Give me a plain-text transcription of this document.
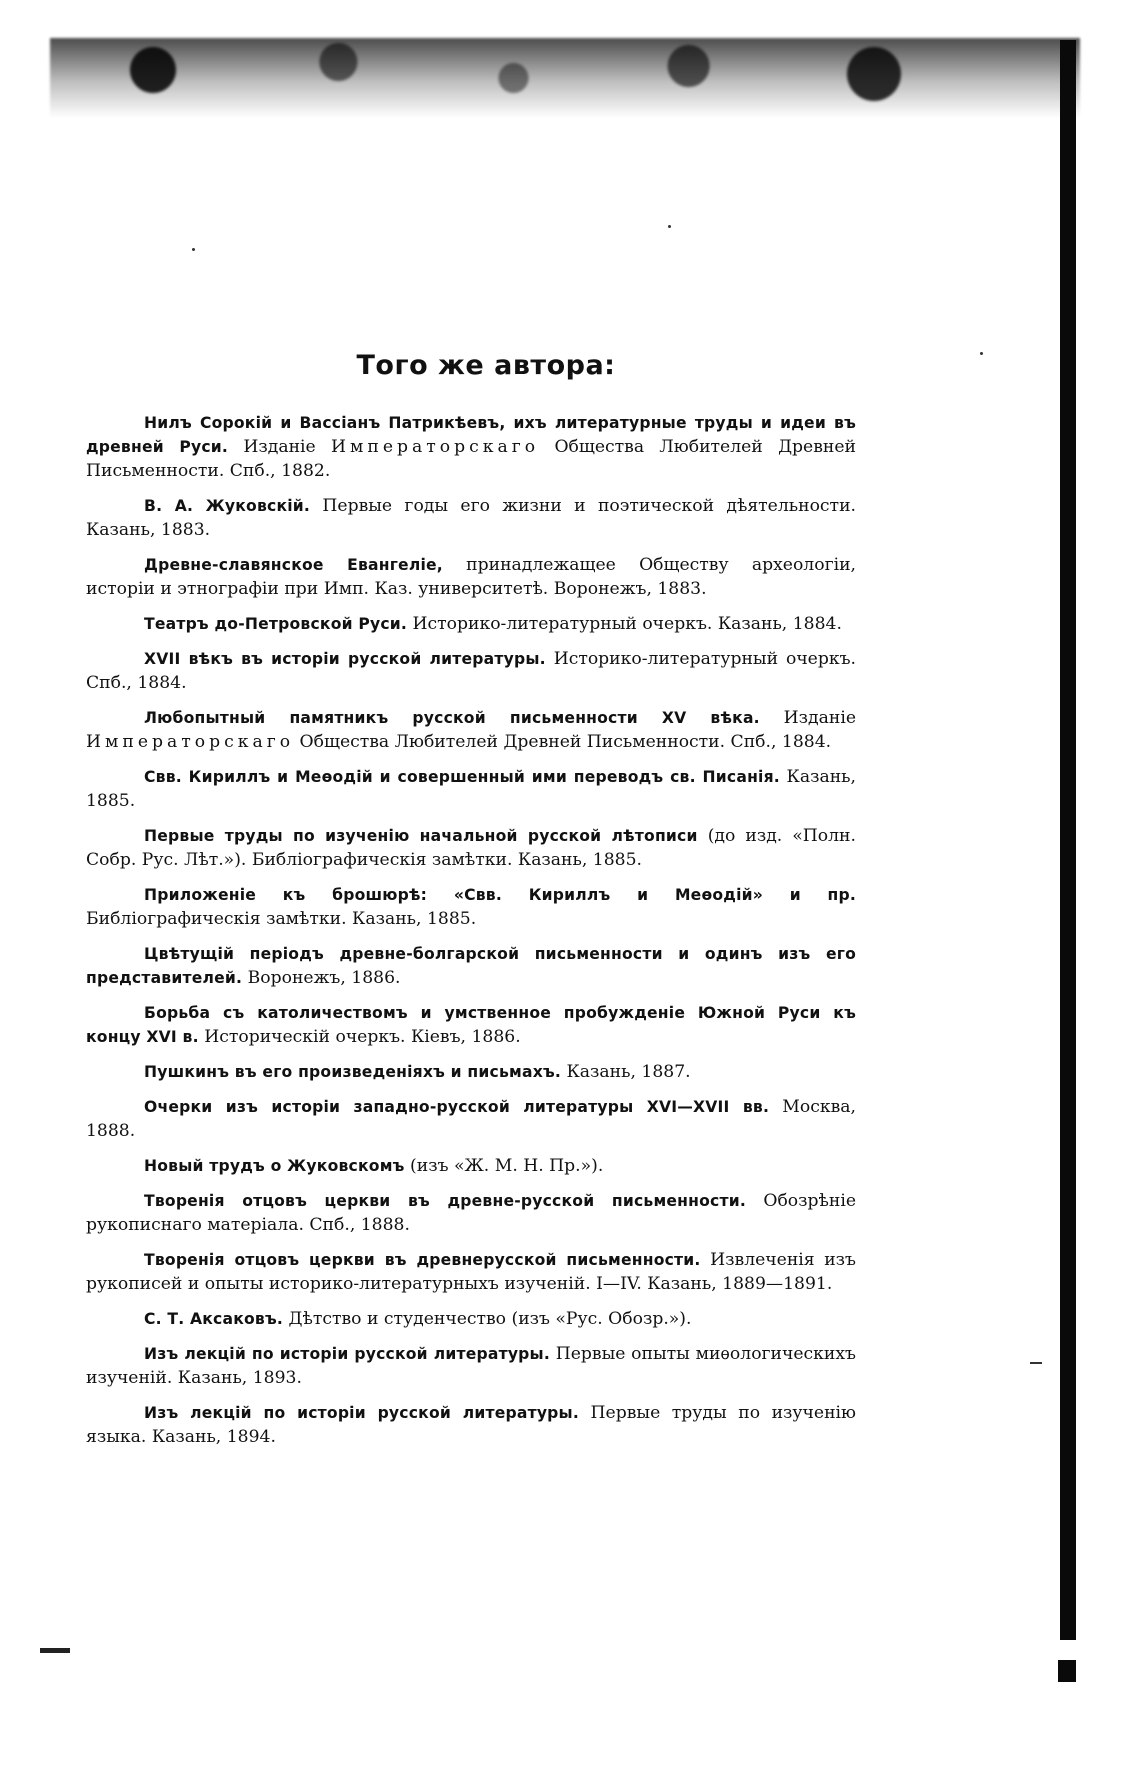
Того же автора:

Нилъ Сорокій и Вассіанъ Патрикѣевъ, ихъ литературные труды и идеи въ древней Руси. Изданіе Императорскаго Общества Любителей Древней Письменности. Спб., 1882.

В. А. Жуковскій. Первые годы его жизни и поэтической дѣятельности. Казань, 1883.

Древне-славянское Евангеліе, принадлежащее Обществу археологіи, исторіи и этнографіи при Имп. Каз. университетѣ. Воронежъ, 1883.

Театръ до-Петровской Руси. Историко-литературный очеркъ. Казань, 1884.

XVII вѣкъ въ исторіи русской литературы. Историко-литературный очеркъ. Спб., 1884.

Любопытный памятникъ русской письменности XV вѣка. Изданіе Императорскаго Общества Любителей Древней Письменности. Спб., 1884.

Свв. Кириллъ и Меѳодій и совершенный ими переводъ св. Писанія. Казань, 1885.

Первые труды по изученію начальной русской лѣтописи (до изд. «Полн. Собр. Рус. Лѣт.»). Библіографическія замѣтки. Казань, 1885.

Приложеніе къ брошюрѣ: «Свв. Кириллъ и Меѳодій» и пр. Библіографическія замѣтки. Казань, 1885.

Цвѣтущій періодъ древне-болгарской письменности и одинъ изъ его представителей. Воронежъ, 1886.

Борьба съ католичествомъ и умственное пробужденіе Южной Руси къ концу XVI в. Историческій очеркъ. Кіевъ, 1886.

Пушкинъ въ его произведеніяхъ и письмахъ. Казань, 1887.

Очерки изъ исторіи западно-русской литературы XVI—XVII вв. Москва, 1888.

Новый трудъ о Жуковскомъ (изъ «Ж. М. Н. Пр.»).

Творенія отцовъ церкви въ древне-русской письменности. Обозрѣніе рукописнаго матеріала. Спб., 1888.

Творенія отцовъ церкви въ древнерусской письменности. Извлеченія изъ рукописей и опыты историко-литературныхъ изученій. I—IV. Казань, 1889—1891.

С. Т. Аксаковъ. Дѣтство и студенчество (изъ «Рус. Обозр.»).

Изъ лекцій по исторіи русской литературы. Первые опыты миѳологическихъ изученій. Казань, 1893.

Изъ лекцій по исторіи русской литературы. Первые труды по изученію языка. Казань, 1894.
